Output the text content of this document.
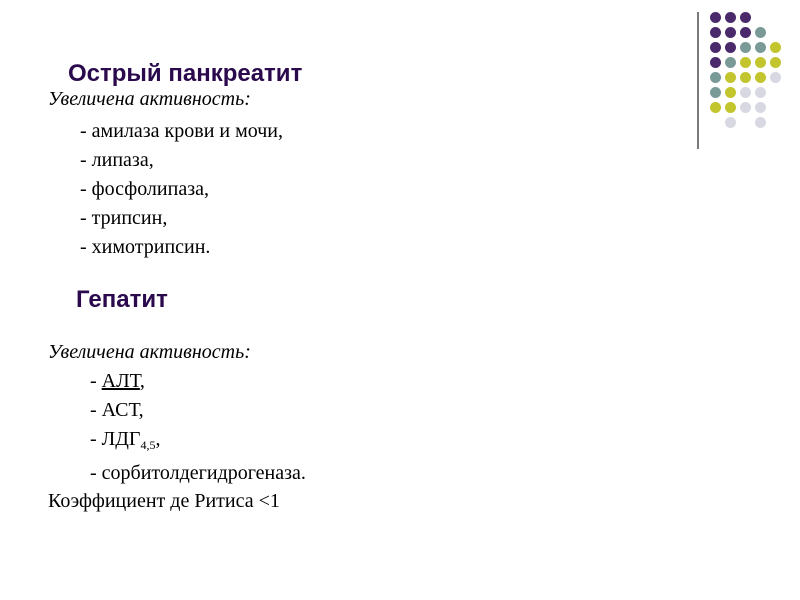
Острый панкреатит
Увеличена активность:
- амилаза крови и мочи,
- липаза,
- фосфолипаза,
- трипсин,
- химотрипсин.
Гепатит
Увеличена активность:
- АЛТ,
- АСТ,
- $ЛДГ_{4,5}$,
- сорбитолдегидрогеназа.
Коэффициент де Ритиса <1
